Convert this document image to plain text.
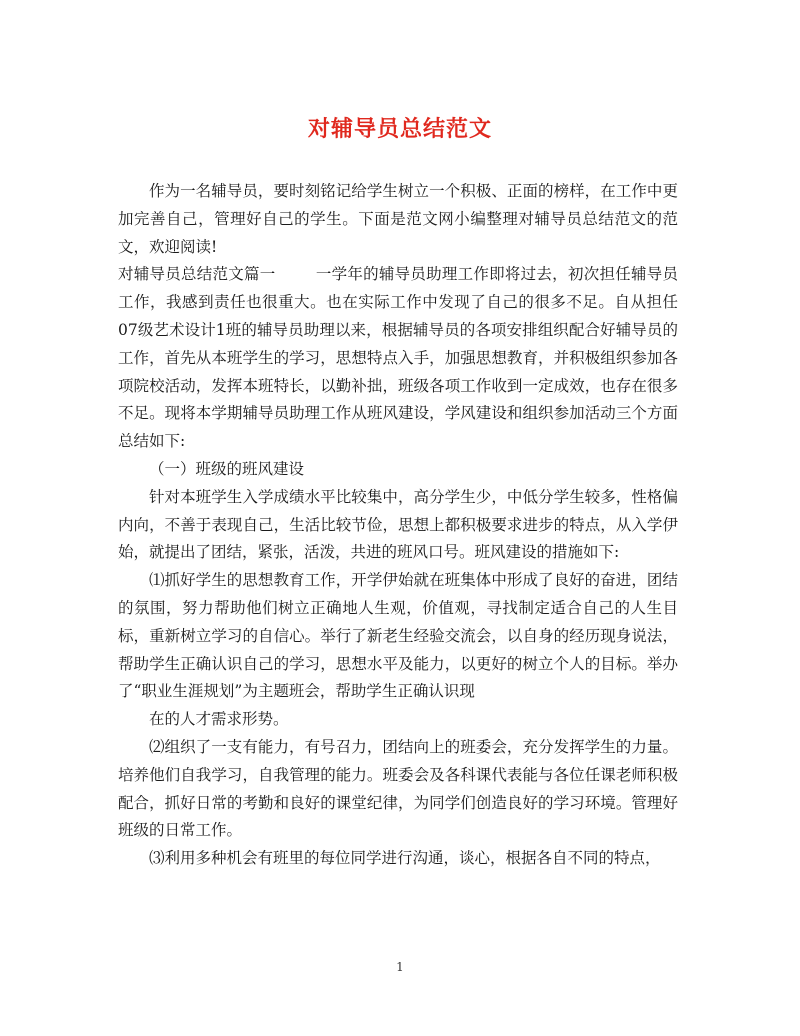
对辅导员总结范文

作为一名辅导员，要时刻铭记给学生树立一个积极、正面的榜样，在工作中更加完善自己，管理好自己的学生。下面是范文网小编整理对辅导员总结范文的范文，欢迎阅读!

对辅导员总结范文篇一	一学年的辅导员助理工作即将过去，初次担任辅导员工作，我感到责任也很重大。也在实际工作中发现了自己的很多不足。自从担任07级艺术设计1班的辅导员助理以来，根据辅导员的各项安排组织配合好辅导员的工作，首先从本班学生的学习，思想特点入手，加强思想教育，并积极组织参加各项院校活动，发挥本班特长，以勤补拙，班级各项工作收到一定成效，也存在很多不足。现将本学期辅导员助理工作从班风建设，学风建设和组织参加活动三个方面总结如下:

（一）班级的班风建设

针对本班学生入学成绩水平比较集中，高分学生少，中低分学生较多，性格偏内向，不善于表现自己，生活比较节俭，思想上都积极要求进步的特点，从入学伊始，就提出了团结，紧张，活泼，共进的班风口号。班风建设的措施如下:

⑴抓好学生的思想教育工作，开学伊始就在班集体中形成了良好的奋进，团结的氛围，努力帮助他们树立正确地人生观，价值观，寻找制定适合自己的人生目标，重新树立学习的自信心。举行了新老生经验交流会，以自身的经历现身说法，帮助学生正确认识自己的学习，思想水平及能力，以更好的树立个人的目标。举办了“职业生涯规划”为主题班会，帮助学生正确认识现

在的人才需求形势。

⑵组织了一支有能力，有号召力，团结向上的班委会，充分发挥学生的力量。培养他们自我学习，自我管理的能力。班委会及各科课代表能与各位任课老师积极配合，抓好日常的考勤和良好的课堂纪律，为同学们创造良好的学习环境。管理好班级的日常工作。

⑶利用多种机会有班里的每位同学进行沟通，谈心，根据各自不同的特点，

1
